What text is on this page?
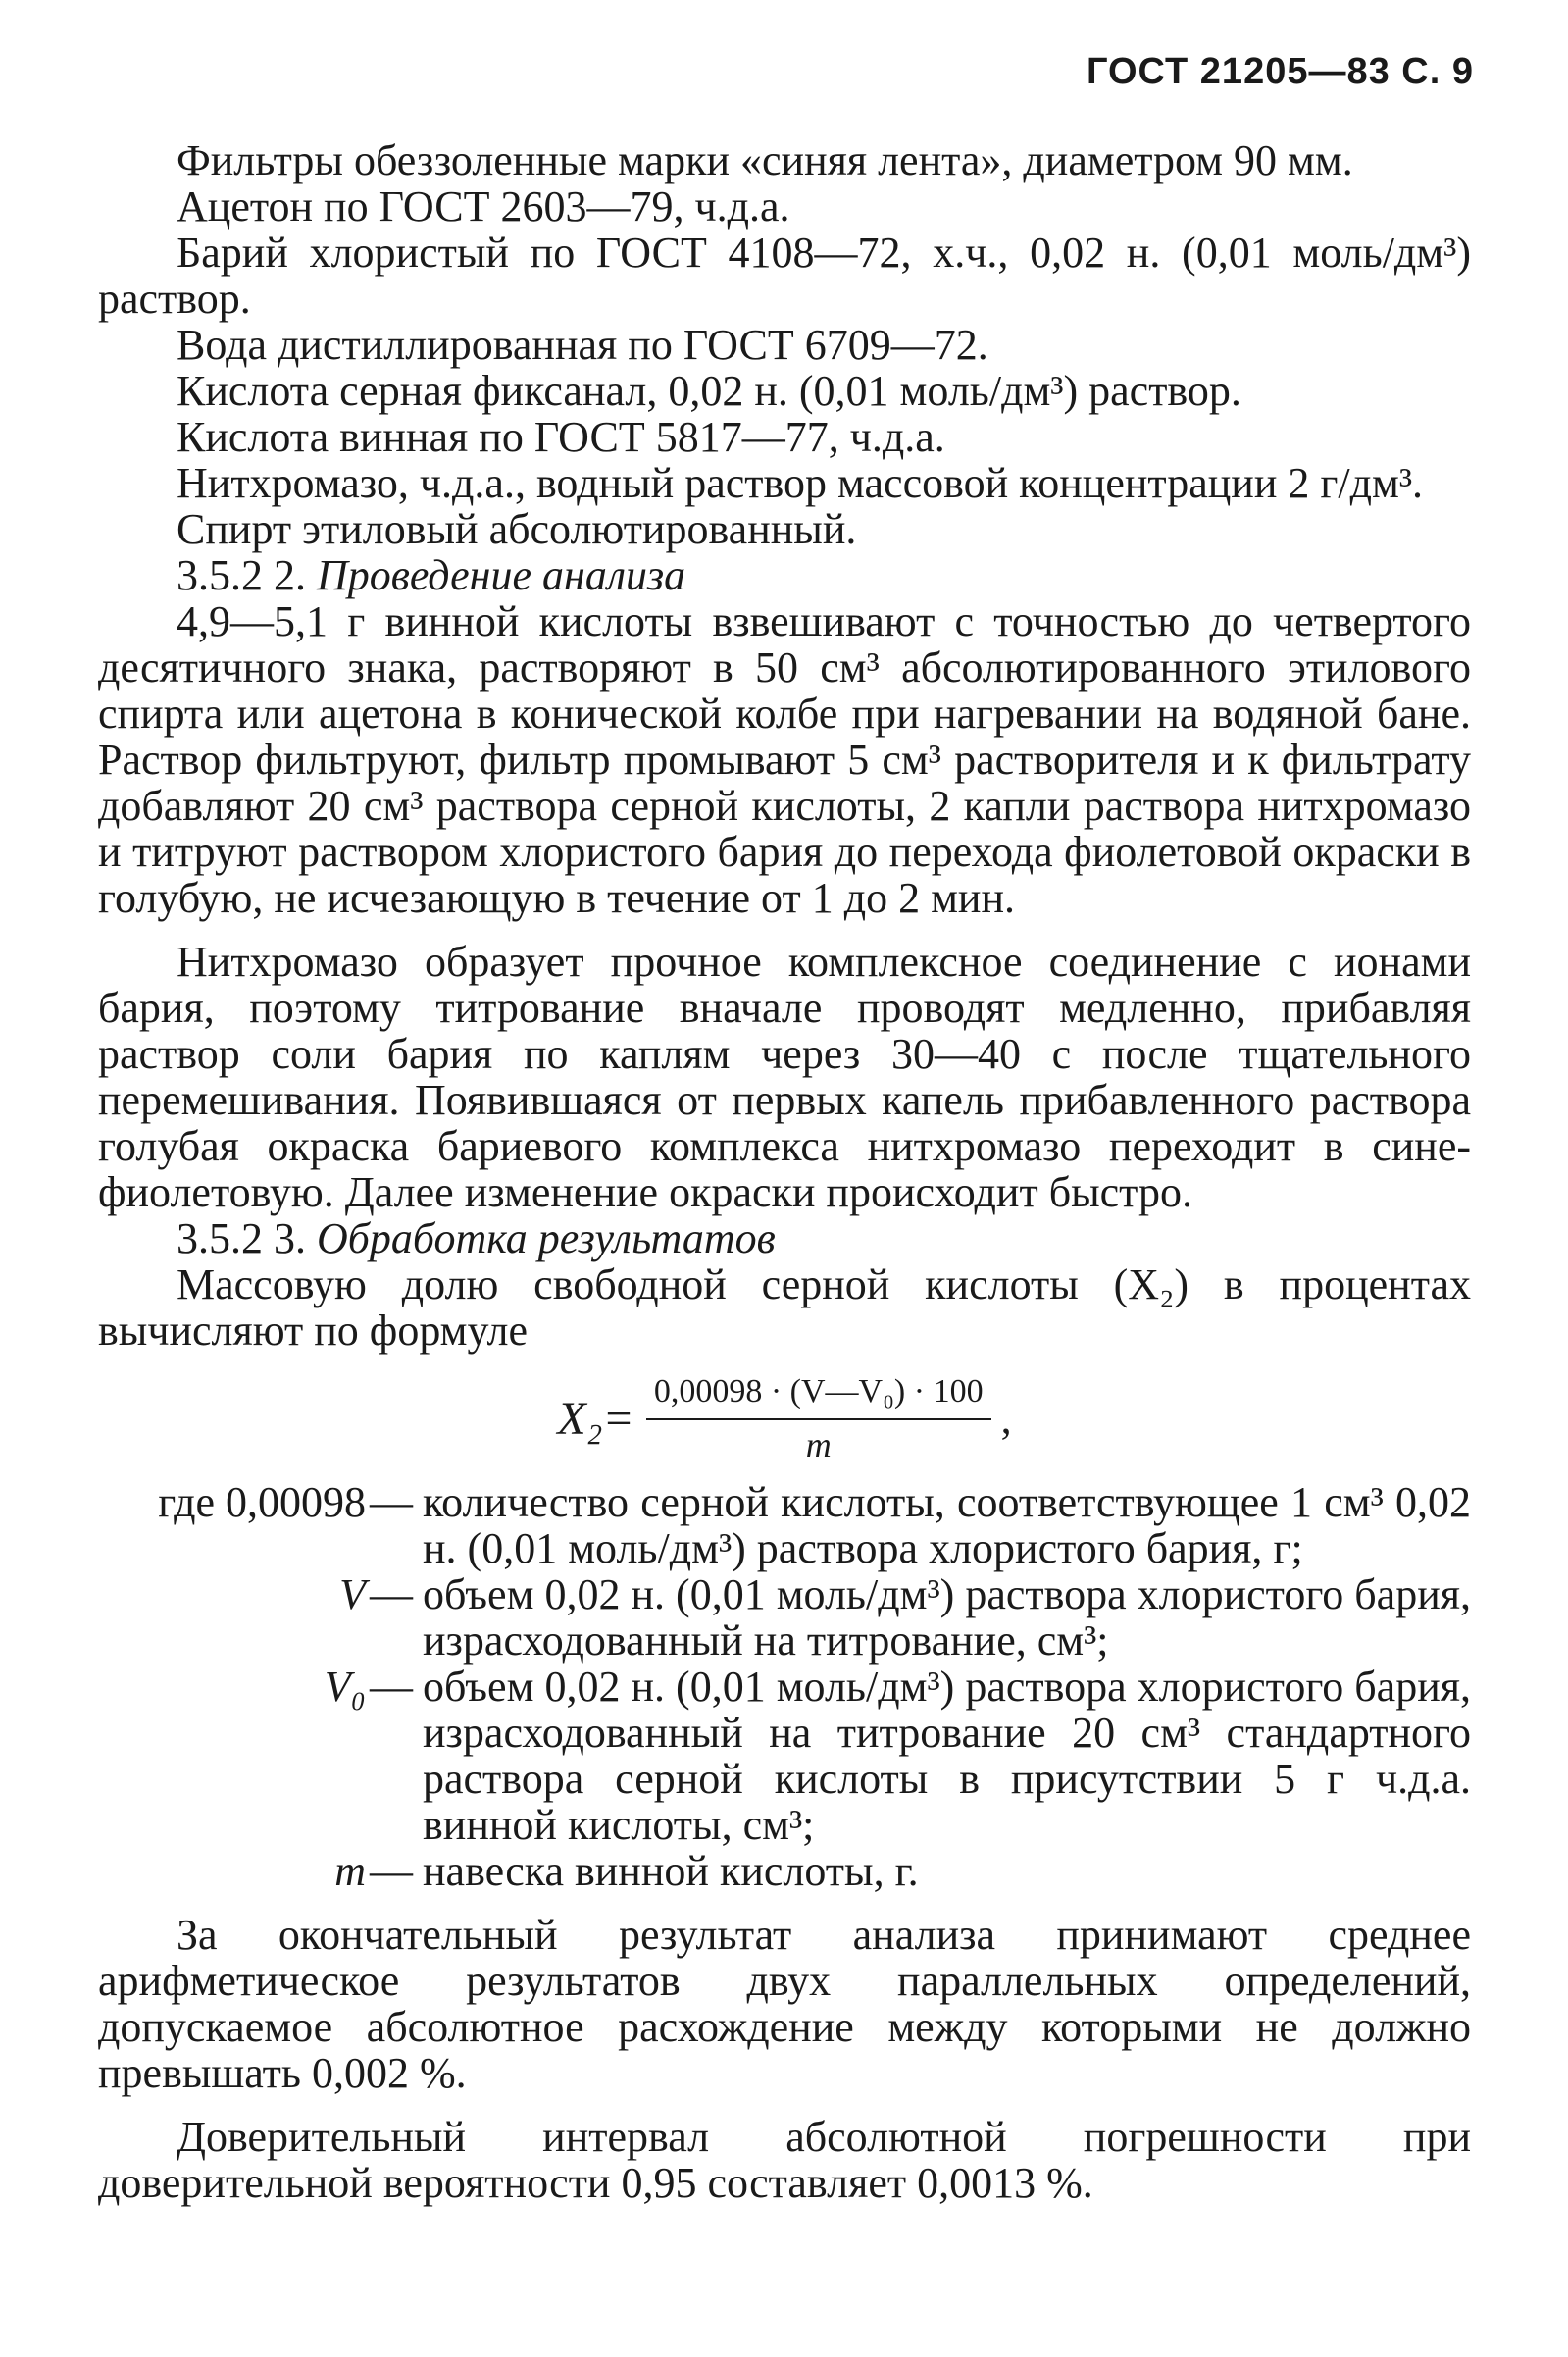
ГОСТ 21205—83 С. 9

Фильтры обеззоленные марки «синяя лента», диаметром 90 мм.

Ацетон по ГОСТ 2603—79, ч.д.а.

Барий хлористый по ГОСТ 4108—72, х.ч., 0,02 н. (0,01 моль/дм³) раствор.

Вода дистиллированная по ГОСТ 6709—72.

Кислота серная фиксанал, 0,02 н. (0,01 моль/дм³) раствор.

Кислота винная по ГОСТ 5817—77, ч.д.а.

Нитхромазо, ч.д.а., водный раствор массовой концентрации 2 г/дм³.

Спирт этиловый абсолютированный.

3.5.2 2. Проведение анализа

4,9—5,1 г винной кислоты взвешивают с точностью до четвертого десятичного знака, растворяют в 50 см³ абсолютированного этилового спирта или ацетона в конической колбе при нагревании на водяной бане. Раствор фильтруют, фильтр промывают 5 см³ растворителя и к фильтрату добавляют 20 см³ раствора серной кислоты, 2 капли раствора нитхромазо и титруют раствором хлористого бария до перехода фиолетовой окраски в голубую, не исчезающую в течение от 1 до 2 мин.

Нитхромазо образует прочное комплексное соединение с ионами бария, поэтому титрование вначале проводят медленно, прибавляя раствор соли бария по каплям через 30—40 с после тщательного перемешивания. Появившаяся от первых капель прибавленного раствора голубая окраска бариевого комплекса нитхромазо переходит в сине-фиолетовую. Далее изменение окраски происходит быстро.

3.5.2 3. Обработка результатов

Массовую долю свободной серной кислоты (X₂) в процентах вычисляют по формуле

$X_2= \frac{\text{0,00098 · (V—V₀) · 100}}{m}$ ,
где 0,00098— количество серной кислоты, соответствующее 1 см³ 0,02 н. (0,01 моль/дм³) раствора хлористого бария, г;
V— объем 0,02 н. (0,01 моль/дм³) раствора хлористого бария, израсходованный на титрование, см³;
V₀— объем 0,02 н. (0,01 моль/дм³) раствора хлористого бария, израсходованный на титрование 20 см³ стандартного раствора серной кислоты в присутствии 5 г ч.д.а. винной кислоты, см³;
m— навеска винной кислоты, г.

За окончательный результат анализа принимают среднее арифметическое результатов двух параллельных определений, допускаемое абсолютное расхождение между которыми не должно превышать 0,002 %.

Доверительный интервал абсолютной погрешности при доверительной вероятности 0,95 составляет 0,0013 %.
